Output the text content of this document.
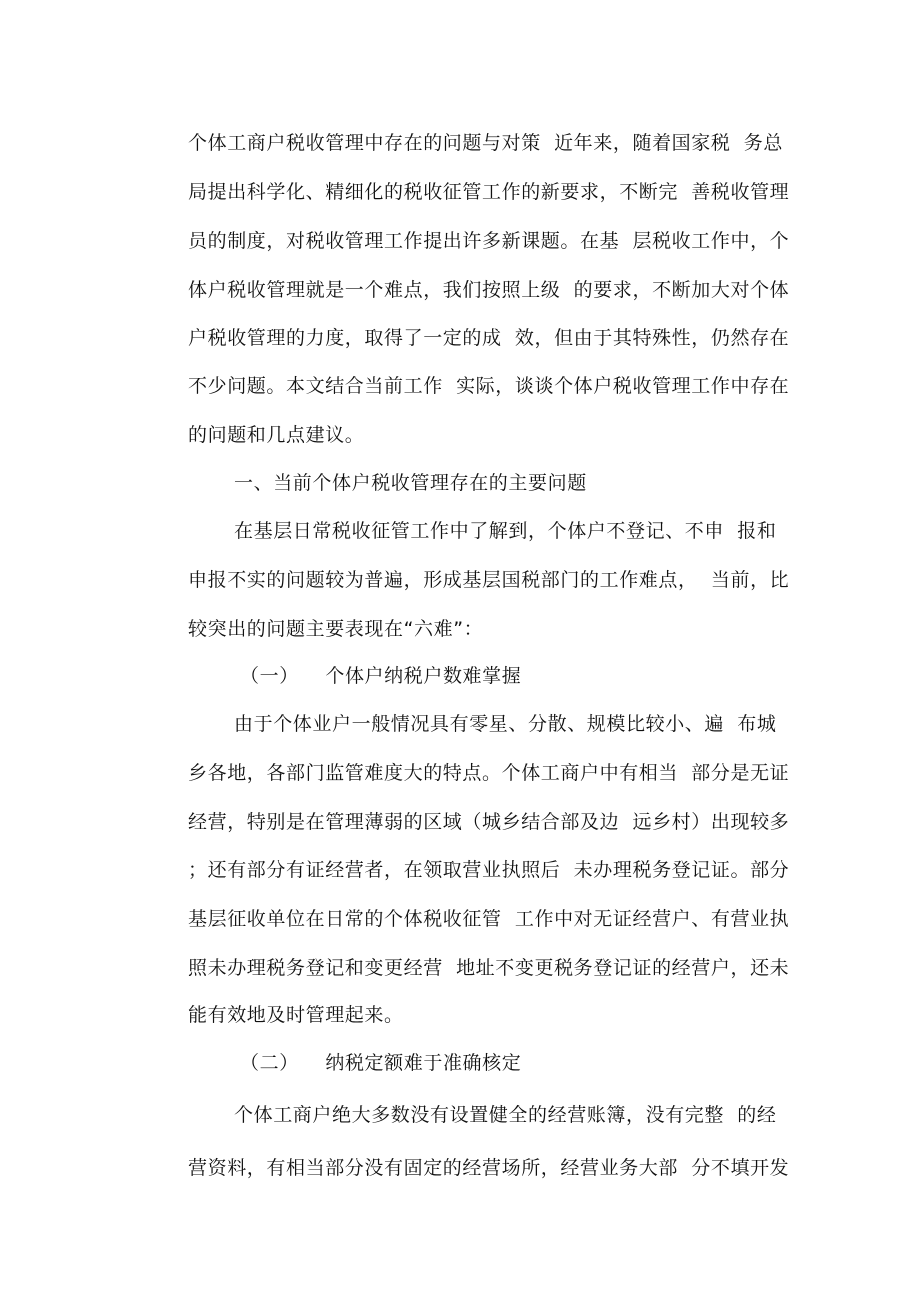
个体工商户税收管理中存在的问题与对策  近年来，随着国家税  务总
局提出科学化、精细化的税收征管工作的新要求，不断完  善税收管理
员的制度，对税收管理工作提出许多新课题。在基  层税收工作中，个
体户税收管理就是一个难点，我们按照上级  的要求，不断加大对个体
户税收管理的力度，取得了一定的成  效，但由于其特殊性，仍然存在
不少问题。本文结合当前工作  实际，谈谈个体户税收管理工作中存在
的问题和几点建议。
一、当前个体户税收管理存在的主要问题
在基层日常税收征管工作中了解到，个体户不登记、不申  报和
申报不实的问题较为普遍，形成基层国税部门的工作难点，  当前，比
较突出的问题主要表现在“六难”：
（一）    个体户纳税户数难掌握
由于个体业户一般情况具有零星、分散、规模比较小、遍  布城
乡各地，各部门监管难度大的特点。个体工商户中有相当  部分是无证
经营，特别是在管理薄弱的区域（城乡结合部及边  远乡村）出现较多
；还有部分有证经营者，在领取营业执照后  未办理税务登记证。部分
基层征收单位在日常的个体税收征管  工作中对无证经营户、有营业执
照未办理税务登记和变更经营  地址不变更税务登记证的经营户，还未
能有效地及时管理起来。
（二）    纳税定额难于准确核定
个体工商户绝大多数没有设置健全的经营账簿，没有完整  的经
营资料，有相当部分没有固定的经营场所，经营业务大部  分不填开发
